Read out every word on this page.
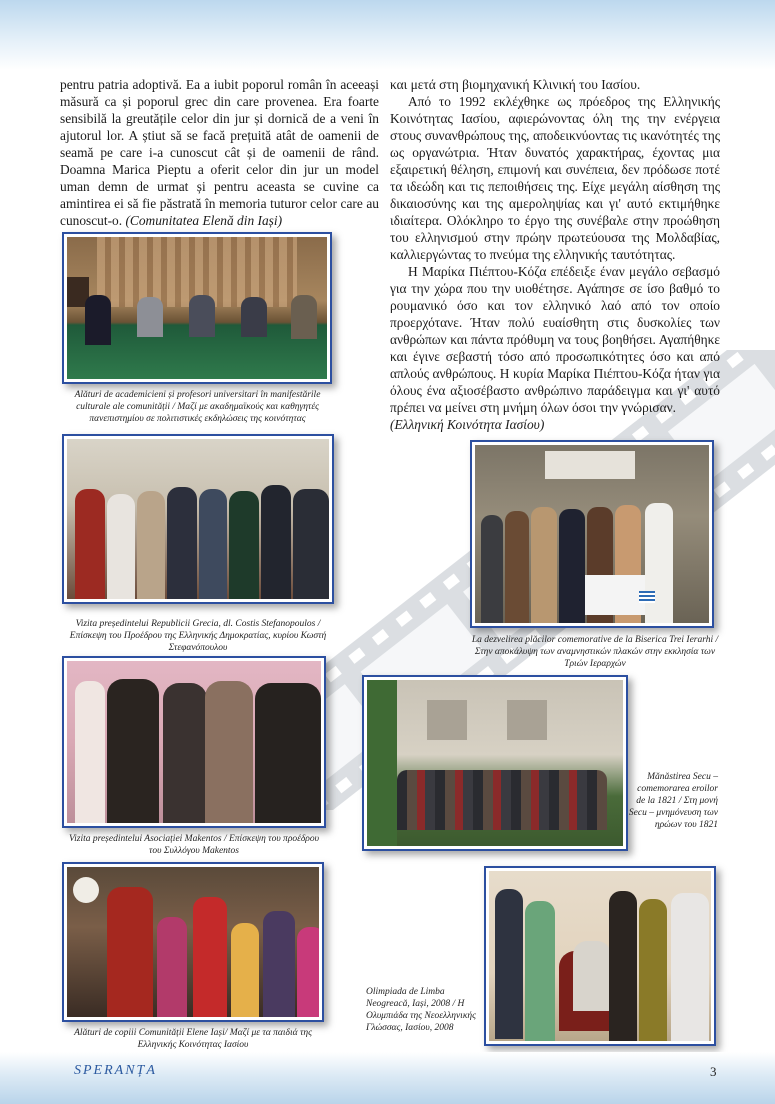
pentru patria adoptivă. Ea a iubit poporul român în aceeași măsură ca și poporul grec din care provenea. Era foarte sensibilă la greutățile celor din jur și dornică de a veni în ajutorul lor. A știut să se facă prețuită atât de oamenii de seamă pe care i-a cunoscut cât și de oamenii de rând. Doamna Marica Pieptu a oferit celor din jur un model uman demn de urmat și pentru aceasta se cuvine ca amintirea ei să fie păstrată în memoria tuturor celor care au cunoscut-o. (Comunitatea Elenă din Iași)

και μετά στη βιομηχανική Κλινική του Ιασίου.

Από το 1992 εκλέχθηκε ως πρόεδρος της Ελληνικής Κοινότητας Ιασίου, αφιερώνοντας όλη της την ενέργεια στους συνανθρώπους της, αποδεικνύοντας τις ικανότητές της ως οργανώτρια. Ήταν δυνατός χαρακτήρας, έχοντας μια εξαιρετική θέληση, επιμονή και συνέπεια, δεν πρόδωσε ποτέ τα ιδεώδη και τις πεποιθήσεις της. Είχε μεγάλη αίσθηση της δικαιοσύνης και της αμεροληψίας και γι' αυτό εκτιμήθηκε ιδιαίτερα. Ολόκληρο το έργο της συνέβαλε στην προώθηση του ελληνισμού στην πρώην πρωτεύουσα της Μολδαβίας, καλλιεργώντας το πνεύμα της ελληνικής ταυτότητας.

Η Μαρίκα Πιέπτου-Κόζα επέδειξε έναν μεγάλο σεβασμό για την χώρα που την υιοθέτησε. Αγάπησε σε ίσο βαθμό το ρουμανικό όσο και τον ελληνικό λαό από τον οποίο προερχότανε. Ήταν πολύ ευαίσθητη στις δυσκολίες των ανθρώπων και πάντα πρόθυμη να τους βοηθήσει. Αγαπήθηκε και έγινε σεβαστή τόσο από προσωπικότητες όσο και από απλούς ανθρώπους. Η κυρία Μαρίκα Πιέπτου-Κόζα ήταν για όλους ένα αξιοσέβαστο ανθρώπινο παράδειγμα και γι' αυτό πρέπει να μείνει στη μνήμη όλων όσοι την γνώρισαν.
(Ελληνική Κοινότητα Ιασίου)

Alături de academicieni și profesori universitari în manifestările culturale ale comunității / Μαζί με ακαδημαϊκούς και καθηγητές πανεπιστημίου σε πολιτιστικές εκδηλώσεις της κοινότητας
Vizita președintelui Republicii Grecia, dl. Costis Stefanopoulos / Επίσκεψη του Προέδρου της Ελληνικής Δημοκρατίας, κυρίου Κωστή Στεφανόπουλου
La dezvelirea plăcilor comemorative de la Biserica Trei Ierarhi / Στην αποκάλυψη των αναμνηστικών πλακών στην εκκλησία των Τριών Ιεραρχών
Vizita președintelui Asociației Makentos / Επίσκεψη του προέδρου του Συλλόγου Makentos
Mănăstirea Secu – comemorarea eroilor de la 1821 / Στη μονή Secu – μνημόνευση των ηρώων του 1821
Alături de copiii Comunității Elene Iași/ Μαζί με τα παιδιά της Ελληνικής Κοινότητας Ιασίου
Olimpiada de Limba Neogreacă, Iași, 2008 / Η Ολυμπιάδα της Νεοελληνικής Γλώσσας, Ιασίου, 2008
SPERANȚA	3
